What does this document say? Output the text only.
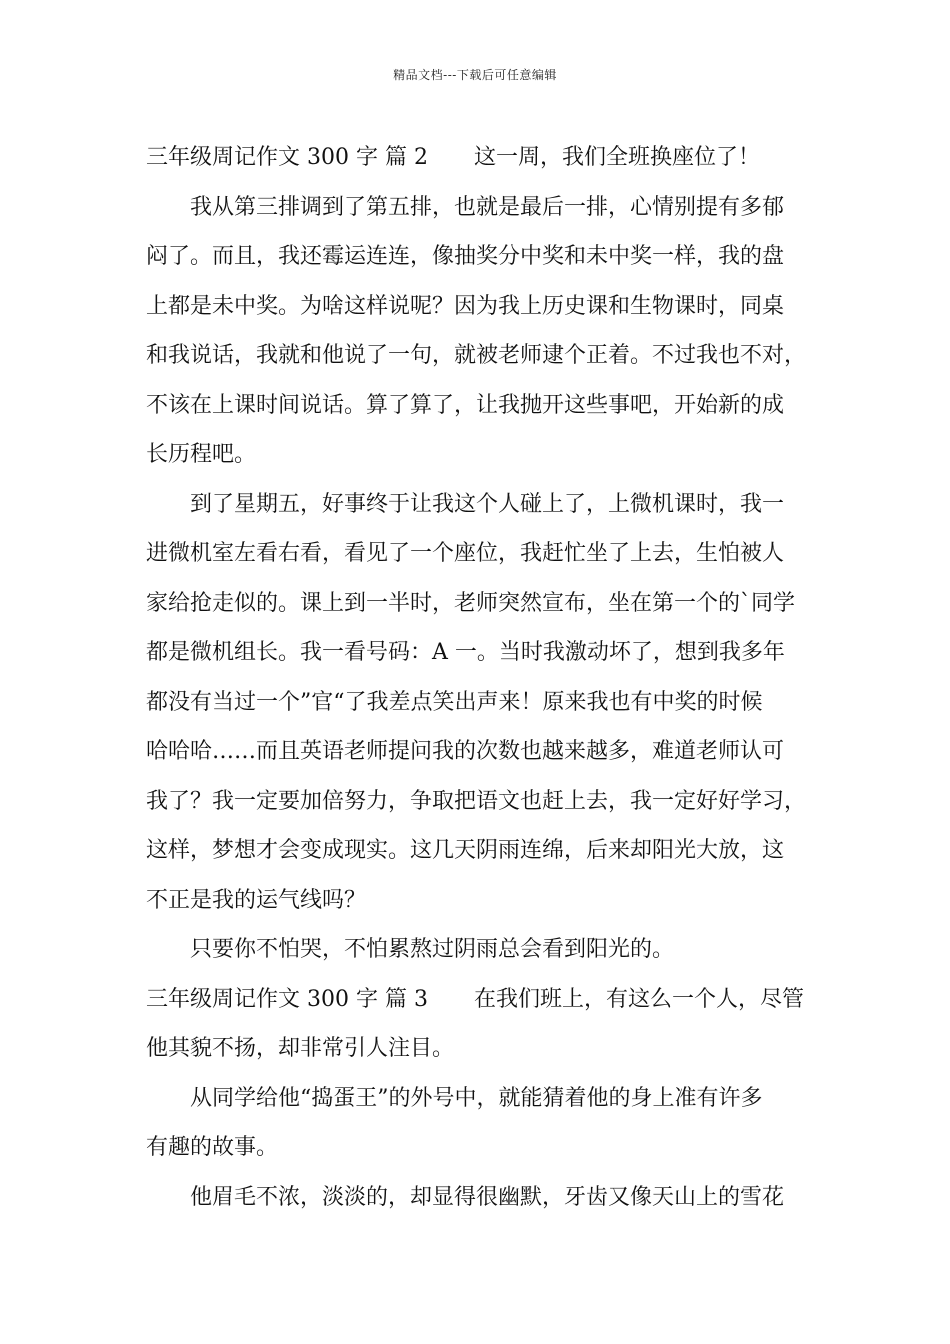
精品文档---下载后可任意编辑
三年级周记作文 300 字 篇 2 这一周，我们全班换座位了！
我从第三排调到了第五排，也就是最后一排，心情别提有多郁
闷了。而且，我还霉运连连，像抽奖分中奖和未中奖一样，我的盘
上都是未中奖。为啥这样说呢？因为我上历史课和生物课时，同桌
和我说话，我就和他说了一句，就被老师逮个正着。不过我也不对，
不该在上课时间说话。算了算了，让我抛开这些事吧，开始新的成
长历程吧。
到了星期五，好事终于让我这个人碰上了，上微机课时，我一
进微机室左看右看，看见了一个座位，我赶忙坐了上去，生怕被人
家给抢走似的。课上到一半时，老师突然宣布，坐在第一个的`同学
都是微机组长。我一看号码：A 一。当时我激动坏了，想到我多年
都没有当过一个”官“了我差点笑出声来！原来我也有中奖的时候
哈哈哈……而且英语老师提问我的次数也越来越多，难道老师认可
我了？我一定要加倍努力，争取把语文也赶上去，我一定好好学习，
这样，梦想才会变成现实。这几天阴雨连绵，后来却阳光大放，这
不正是我的运气线吗？
只要你不怕哭，不怕累熬过阴雨总会看到阳光的。
三年级周记作文 300 字 篇 3 在我们班上，有这么一个人，尽管
他其貌不扬，却非常引人注目。
从同学给他“捣蛋王”的外号中，就能猜着他的身上准有许多
有趣的故事。
他眉毛不浓，淡淡的，却显得很幽默，牙齿又像天山上的雪花
